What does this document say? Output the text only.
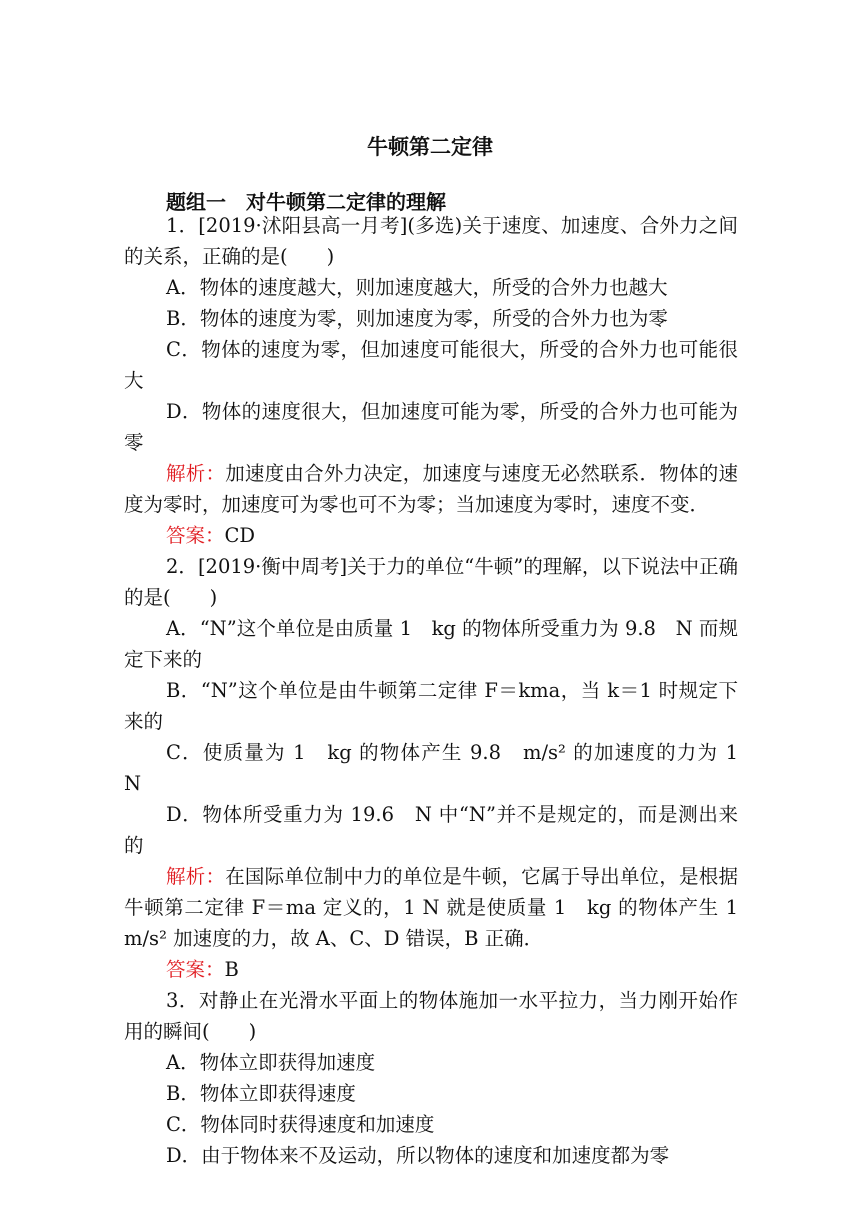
牛顿第二定律
题组一　对牛顿第二定律的理解

1．[2019·沭阳县高一月考](多选)关于速度、加速度、合外力之间的关系，正确的是(　　)

A．物体的速度越大，则加速度越大，所受的合外力也越大

B．物体的速度为零，则加速度为零，所受的合外力也为零

C．物体的速度为零，但加速度可能很大，所受的合外力也可能很大

D．物体的速度很大，但加速度可能为零，所受的合外力也可能为零

解析：加速度由合外力决定，加速度与速度无必然联系．物体的速度为零时，加速度可为零也可不为零；当加速度为零时，速度不变．

答案：CD

2．[2019·衡中周考]关于力的单位“牛顿”的理解，以下说法中正确的是(　　)

A．“N”这个单位是由质量 1　kg 的物体所受重力为 9.8　N 而规定下来的

B．“N”这个单位是由牛顿第二定律 F＝kma，当 k＝1 时规定下来的

C．使质量为 1　kg 的物体产生 9.8　m/s² 的加速度的力为 1　N

D．物体所受重力为 19.6　N 中“N”并不是规定的，而是测出来的

解析：在国际单位制中力的单位是牛顿，它属于导出单位，是根据牛顿第二定律 F＝ma 定义的，1 N 就是使质量 1　kg 的物体产生 1 m/s² 加速度的力，故 A、C、D 错误，B 正确．

答案：B

3．对静止在光滑水平面上的物体施加一水平拉力，当力刚开始作用的瞬间(　　)

A．物体立即获得加速度

B．物体立即获得速度

C．物体同时获得速度和加速度

D．由于物体来不及运动，所以物体的速度和加速度都为零
